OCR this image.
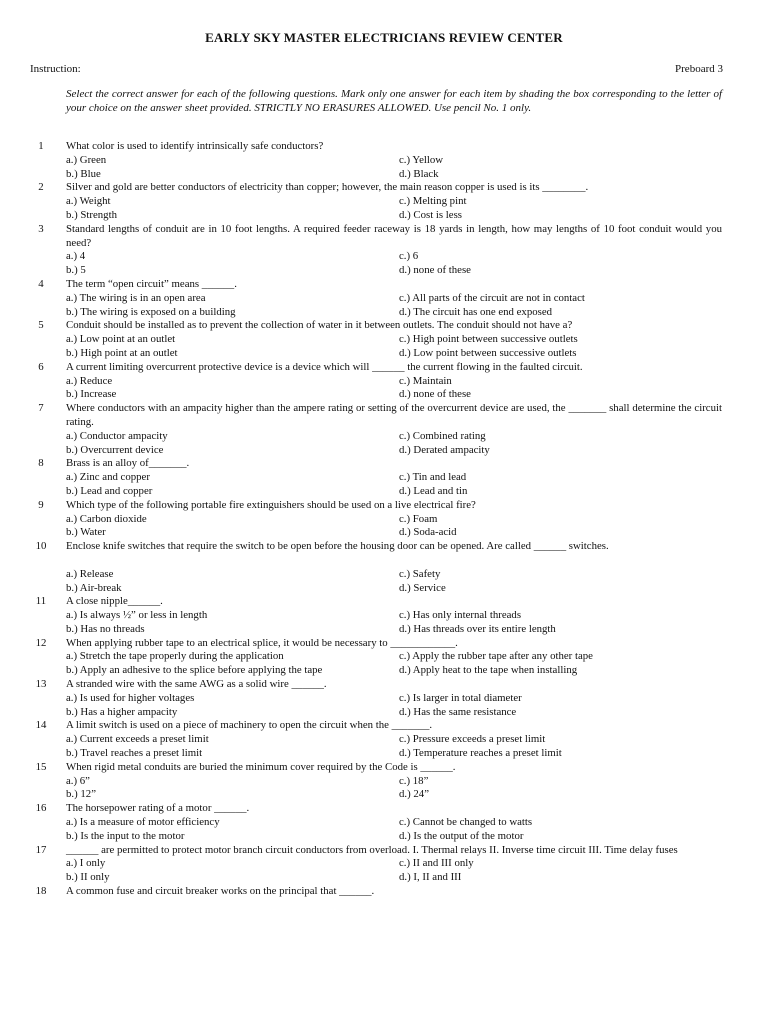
EARLY SKY MASTER ELECTRICIANS REVIEW CENTER
Instruction:	Preboard 3
Select the correct answer for each of the following questions. Mark only one answer for each item by shading the box corresponding to the letter of your choice on the answer sheet provided. STRICTLY NO ERASURES ALLOWED. Use pencil No. 1 only.
1	What color is used to identify intrinsically safe conductors?
a.) Green	c.) Yellow
b.) Blue	d.) Black
2	Silver and gold are better conductors of electricity than copper; however, the main reason copper is used is its ________.
a.) Weight	c.) Melting pint
b.) Strength	d.) Cost is less
3	Standard lengths of conduit are in 10 foot lengths. A required feeder raceway is 18 yards in length, how may lengths of 10 foot conduit would you need?
a.) 4	c.) 6
b.) 5	d.) none of these
4	The term “open circuit” means ______.
a.) The wiring is in an open area	c.) All parts of the circuit are not in contact
b.) The wiring is exposed on a building	d.) The circuit has one end exposed
5	Conduit should be installed as to prevent the collection of water in it between outlets. The conduit should not have a?
a.) Low point at an outlet	c.) High point between successive outlets
b.) High point at an outlet	d.) Low point between successive outlets
6	A current limiting overcurrent protective device is a device which will ______ the current flowing in the faulted circuit.
a.) Reduce	c.) Maintain
b.) Increase	d.) none of these
7	Where conductors with an ampacity higher than the ampere rating or setting of the overcurrent device are used, the _______ shall determine the circuit rating.
a.) Conductor ampacity	c.) Combined rating
b.) Overcurrent device	d.) Derated ampacity
8	Brass is an alloy of_______.
a.) Zinc and copper	c.) Tin and lead
b.) Lead and copper	d.) Lead and tin
9	Which type of the following portable fire extinguishers should be used on a live electrical fire?
a.) Carbon dioxide	c.) Foam
b.) Water	d.) Soda-acid
10	Enclose knife switches that require the switch to be open before the housing door can be opened. Are called ______ switches.
a.) Release	c.) Safety
b.) Air-break	d.) Service
11	A close nipple______.
a.) Is always ½” or less in length	c.) Has only internal threads
b.) Has no threads	d.) Has threads over its entire length
12	When applying rubber tape to an electrical splice, it would be necessary to ____________.
a.) Stretch the tape properly during the application	c.) Apply the rubber tape after any other tape
b.) Apply an adhesive to the splice before applying the tape	d.) Apply heat to the tape when installing
13	A stranded wire with the same AWG as a solid wire ______.
a.) Is used for higher voltages	c.) Is larger in total diameter
b.) Has a higher ampacity	d.) Has the same resistance
14	A limit switch is used on a piece of machinery to open the circuit when the _______.
a.) Current exceeds a preset limit	c.) Pressure exceeds a preset limit
b.) Travel reaches a preset limit	d.) Temperature reaches a preset limit
15	When rigid metal conduits are buried the minimum cover required by the Code is ______.
a.) 6”	c.) 18”
b.) 12”	d.) 24”
16	The horsepower rating of a motor ______.
a.) Is a measure of motor efficiency	c.) Cannot be changed to watts
b.) Is the input to the motor	d.) Is the output of the motor
17	______ are permitted to protect motor branch circuit conductors from overload. I. Thermal relays II. Inverse time circuit III. Time delay fuses
a.) I only	c.) II and III only
b.) II only	d.) I, II and III
18	A common fuse and circuit breaker works on the principal that ______.
